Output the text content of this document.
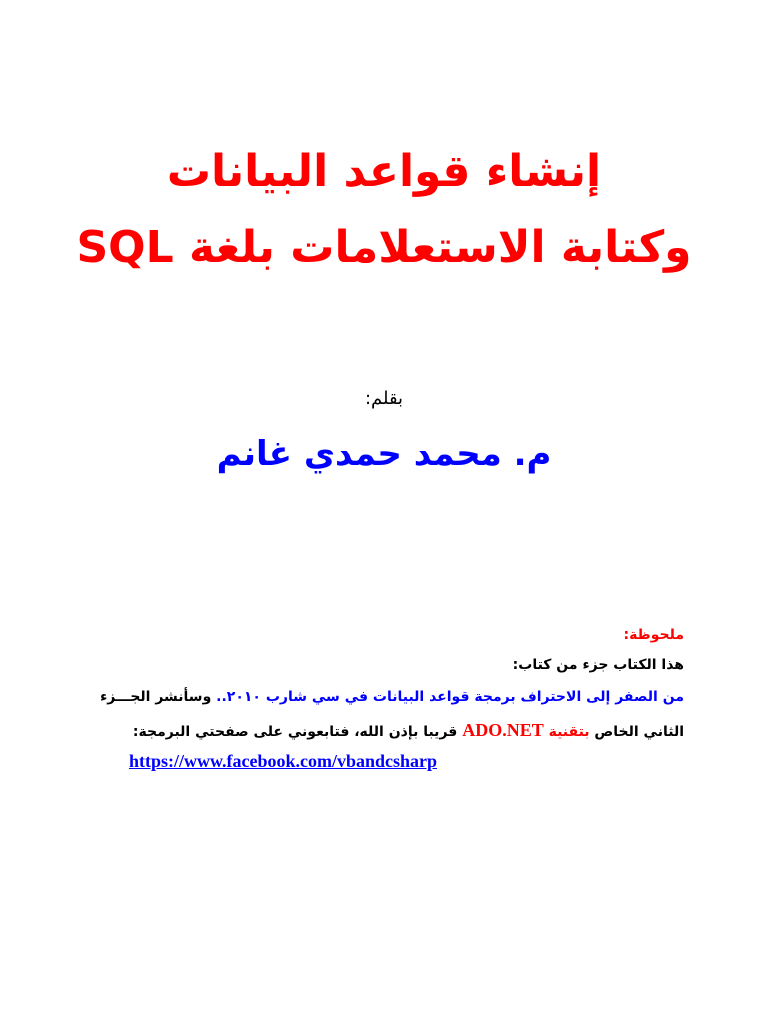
إنشاء قواعد البيانات
وكتابة الاستعلامات بلغة SQL
بقلم:
م. محمد حمدي غانم
ملحوظة:
هذا الكتاب جزء من كتاب:
من الصفر إلى الاحتراف برمجة قواعد البيانات في سي شارب ٢٠١٠.. وسأنشر الجـــزء
الثاني الخاص بتقنية ADO.NET قريبا بإذن الله، فتابعوني على صفحتي البرمجة:
https://www.facebook.com/vbandcsharp
